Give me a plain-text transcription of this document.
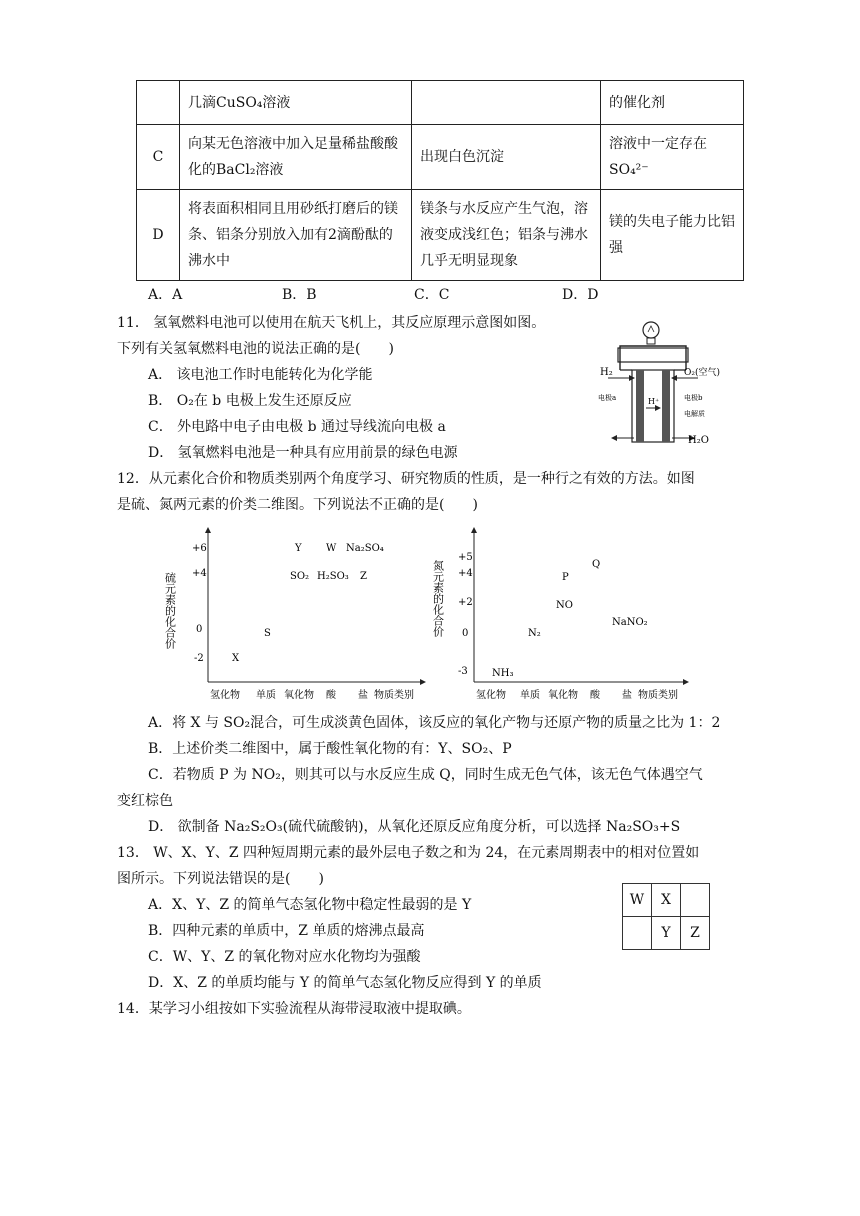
	几滴CuSO₄溶液		的催化剂
C	向某无色溶液中加入足量稀盐酸酸化的BaCl₂溶液	出现白色沉淀	溶液中一定存在SO₄²⁻
D	将表面积相同且用砂纸打磨后的镁条、铝条分别放入加有2滴酚酞的沸水中	镁条与水反应产生气泡，溶液变成浅红色；铝条与沸水几乎无明显现象	镁的失电子能力比铝强
A．A	B．B	C．C	D．D
11． 氢氧燃料电池可以使用在航天飞机上，其反应原理示意图如图。
下列有关氢氧燃料电池的说法正确的是(　　)
A． 该电池工作时电能转化为化学能
B． O₂在 b 电极上发生还原反应
C． 外电路中电子由电极 b 通过导线流向电极 a
D． 氢氧燃料电池是一种具有应用前景的绿色电源
H₂	O₂(空气)
电极a	电极b
H⁺
电解质
H₂O
12．从元素化合价和物质类别两个角度学习、研究物质的性质，是一种行之有效的方法。如图
是硫、氮两元素的价类二维图。下列说法不正确的是(　　)
硫元素的化合价
+6
+4
0
-2
氢化物 单质 氧化物 酸 盐 物质类别
Y W Na₂SO₄
SO₂ H₂SO₃ Z
S
X
氮元素的化合价
+5
+4
+2
0
-3
氢化物 单质 氧化物 酸 盐 物质类别
Q
P
NO
NaNO₂
N₂
NH₃
A．将 X 与 SO₂混合，可生成淡黄色固体，该反应的氧化产物与还原产物的质量之比为 1：2
B．上述价类二维图中，属于酸性氧化物的有：Y、SO₂、P
C．若物质 P 为 NO₂，则其可以与水反应生成 Q，同时生成无色气体，该无色气体遇空气
变红棕色
D． 欲制备 Na₂S₂O₃(硫代硫酸钠)，从氧化还原反应角度分析，可以选择 Na₂SO₃+S
13． W、X、Y、Z 四种短周期元素的最外层电子数之和为 24，在元素周期表中的相对位置如
图所示。下列说法错误的是(　　)
A．X、Y、Z 的简单气态氢化物中稳定性最弱的是 Y
B．四种元素的单质中，Z 单质的熔沸点最高
C．W、Y、Z 的氧化物对应水化物均为强酸
D．X、Z 的单质均能与 Y 的简单气态氢化物反应得到 Y 的单质
W	X	
	Y	Z
14．某学习小组按如下实验流程从海带浸取液中提取碘。
